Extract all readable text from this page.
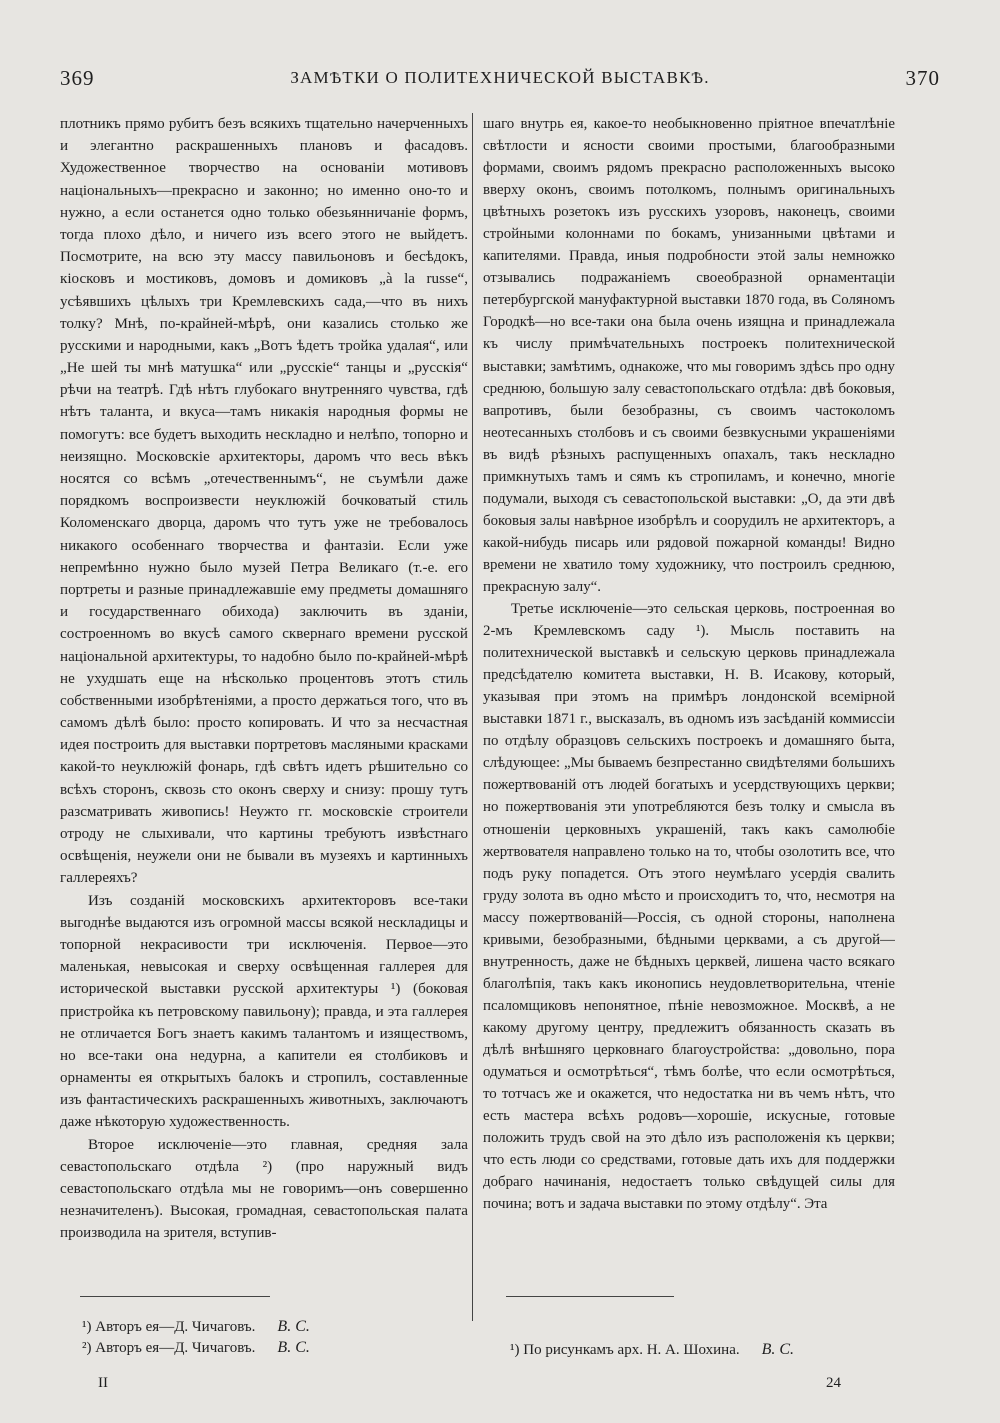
369	ЗАМѢТКИ О ПОЛИТЕХНИЧЕСКОЙ ВЫСТАВКѢ.	370

плотникъ прямо рубитъ безъ всякихъ тщательно начерченныхъ и элегантно раскрашенныхъ плановъ и фасадовъ. Художественное творчество на основаніи мотивовъ національныхъ—прекрасно и законно; но именно оно-то и нужно, а если останется одно только обезьянничаніе формъ, тогда плохо дѣло, и ничего изъ всего этого не выйдетъ. Посмотрите, на всю эту массу павильоновъ и бесѣдокъ, кіосковъ и мостиковъ, домовъ и домиковъ „à la russe“, усѣявшихъ цѣлыхъ три Кремлевскихъ сада,—что въ нихъ толку? Мнѣ, по-крайней-мѣрѣ, они казались столько же русскими и народными, какъ „Вотъ ѣдетъ тройка удалая“, или „Не шей ты мнѣ матушка“ или „русскіе“ танцы и „русскія“ рѣчи на театрѣ. Гдѣ нѣтъ глубокаго внутренняго чувства, гдѣ нѣтъ таланта, и вкуса—тамъ никакія народныя формы не помогутъ: все будетъ выходить нескладно и нелѣпо, топорно и неизящно. Московскіе архитекторы, даромъ что весь вѣкъ носятся со всѣмъ „отечественнымъ“, не съумѣли даже порядкомъ воспроизвести неуклюжій бочковатый стиль Коломенскаго дворца, даромъ что тутъ уже не требовалось никакого особеннаго творчества и фантазіи. Если уже непремѣнно нужно было музей Петра Великаго (т.-е. его портреты и разные принадлежавшіе ему предметы домашняго и государственнаго обихода) заключить въ зданіи, состроенномъ во вкусѣ самого сквернаго времени русской національной архитектуры, то надобно было по-крайней-мѣрѣ не ухудшать еще на нѣсколько процентовъ этотъ стиль собственными изобрѣтеніями, а просто держаться того, что въ самомъ дѣлѣ было: просто копировать. И что за несчастная идея построить для выставки портретовъ масляными красками какой-то неуклюжій фонарь, гдѣ свѣтъ идетъ рѣшительно со всѣхъ сторонъ, сквозь сто оконъ сверху и снизу: прошу тутъ разсматривать живопись! Неужто гг. московскіе строители отроду не слыхивали, что картины требуютъ извѣстнаго освѣщенія, неужели они не бывали въ музеяхъ и картинныхъ галлереяхъ?

Изъ созданій московскихъ архитекторовъ все-таки выгоднѣе выдаются изъ огромной массы всякой нескладицы и топорной некрасивости три исключенія. Первое—это маленькая, невысокая и сверху освѣщенная галлерея для исторической выставки русской архитектуры ¹) (боковая пристройка къ петровскому павильону); правда, и эта галлерея не отличается Богъ знаетъ какимъ талантомъ и изяществомъ, но все-таки она недурна, а капители ея столбиковъ и орнаменты ея открытыхъ балокъ и стропилъ, составленные изъ фантастическихъ раскрашенныхъ животныхъ, заключаютъ даже нѣкоторую художественность.

Второе исключеніе—это главная, средняя зала севастопольскаго отдѣла ²) (про наружный видъ севастопольскаго отдѣла мы не говоримъ—онъ совершенно незначителенъ). Высокая, громадная, севастопольская палата производила на зрителя, вступив-

шаго внутрь ея, какое-то необыкновенно пріятное впечатлѣніе свѣтлости и ясности своими простыми, благообразными формами, своимъ рядомъ прекрасно расположенныхъ высоко вверху оконъ, своимъ потолкомъ, полнымъ оригинальныхъ цвѣтныхъ розетокъ изъ русскихъ узоровъ, наконецъ, своими стройными колоннами по бокамъ, унизанными цвѣтами и капителями. Правда, иныя подробности этой залы немножко отзывались подражаніемъ своеобразной орнаментаціи петербургской мануфактурной выставки 1870 года, въ Соляномъ Городкѣ—но все-таки она была очень изящна и принадлежала къ числу примѣчательныхъ построекъ политехнической выставки; замѣтимъ, однакоже, что мы говоримъ здѣсь про одну среднюю, большую залу севастопольскаго отдѣла: двѣ боковыя, вапротивъ, были безобразны, съ своимъ частоколомъ неотесанныхъ столбовъ и съ своими безвкусными украшеніями въ видѣ рѣзныхъ распущенныхъ опахалъ, такъ нескладно примкнутыхъ тамъ и сямъ къ стропиламъ, и конечно, многіе подумали, выходя съ севастопольской выставки: „О, да эти двѣ боковыя залы навѣрное изобрѣлъ и соорудилъ не архитекторъ, а какой-нибудь писарь или рядовой пожарной команды! Видно времени не хватило тому художнику, что построилъ среднюю, прекрасную залу“.

Третье исключеніе—это сельская церковь, построенная во 2-мъ Кремлевскомъ саду ¹). Мысль поставить на политехнической выставкѣ и сельскую церковь принадлежала предсѣдателю комитета выставки, Н. В. Исакову, который, указывая при этомъ на примѣръ лондонской всемірной выставки 1871 г., высказалъ, въ одномъ изъ засѣданій коммиссіи по отдѣлу образцовъ сельскихъ построекъ и домашняго быта, слѣдующее: „Мы бываемъ безпрестанно свидѣтелями большихъ пожертвованій отъ людей богатыхъ и усердствующихъ церкви; но пожертвованія эти употребляются безъ толку и смысла въ отношеніи церковныхъ украшеній, такъ какъ самолюбіе жертвователя направлено только на то, чтобы озолотить все, что подъ руку попадется. Отъ этого неумѣлаго усердія свалить груду золота въ одно мѣсто и происходитъ то, что, несмотря на массу пожертвованій—Россія, съ одной стороны, наполнена кривыми, безобразными, бѣдными церквами, а съ другой—внутренность, даже не бѣдныхъ церквей, лишена часто всякаго благолѣпія, такъ какъ иконопись неудовлетворительна, чтеніе псаломщиковъ непонятное, пѣніе невозможное. Москвѣ, а не какому другому центру, предлежитъ обязанность сказать въ дѣлѣ внѣшняго церковнаго благоустройства: „довольно, пора одуматься и осмотрѣться“, тѣмъ болѣе, что если осмотрѣться, то тотчасъ же и окажется, что недостатка ни въ чемъ нѣтъ, что есть мастера всѣхъ родовъ—хорошіе, искусные, готовые положить трудъ свой на это дѣло изъ расположенія къ церкви; что есть люди со средствами, готовые дать ихъ для поддержки добраго начинанія, недостаетъ только свѣдущей силы для почина; вотъ и задача выставки по этому отдѣлу“. Эта

¹) Авторъ ея—Д. Чичаговъ. В. С.
²) Авторъ ея—Д. Чичаговъ. В. С.	¹) По рисункамъ арх. Н. А. Шохина. В. С.
II	24
